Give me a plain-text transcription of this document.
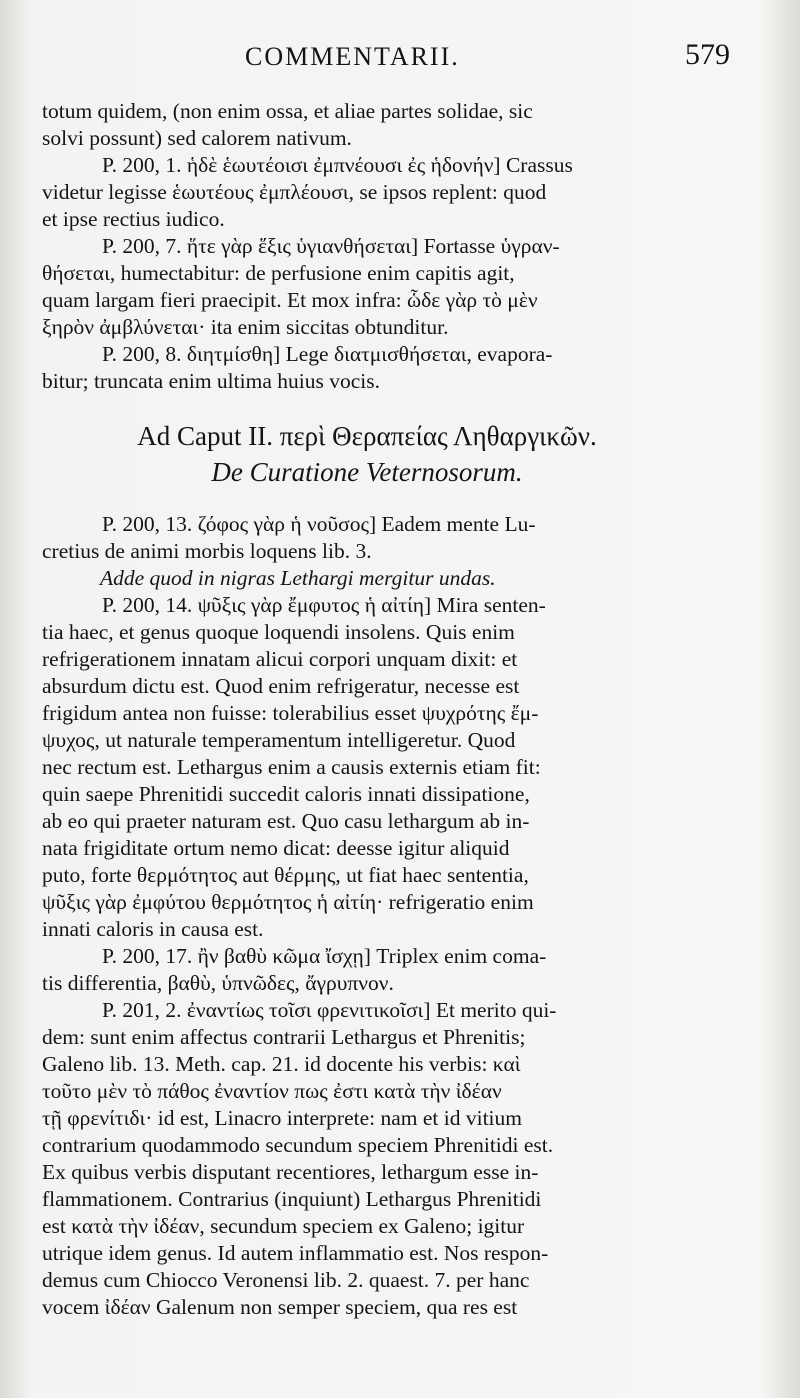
COMMENTARII.	579

totum quidem, (non enim ossa, et aliae partes solidae, sic
solvi possunt) sed calorem nativum.

P. 200, 1. ἡδὲ ἑωυτέοισι ἐμπνέουσι ἐς ἡδονήν] Crassus
videtur legisse ἑωυτέους ἐμπλέουσι, se ipsos replent: quod
et ipse rectius iudico.

P. 200, 7. ἥτε γὰρ ἕξις ὑγιανθήσεται] Fortasse ὑγραν-
θήσεται, humectabitur: de perfusione enim capitis agit,
quam largam fieri praecipit. Et mox infra: ὧδε γὰρ τὸ μὲν
ξηρὸν ἀμβλύνεται· ita enim siccitas obtunditur.

P. 200, 8. διητμίσθη] Lege διατμισθήσεται, evapora-
bitur; truncata enim ultima huius vocis.

Ad Caput II. περὶ Θεραπείας Ληθαργικῶν.
De Curatione Veternosorum.

P. 200, 13. ζόφος γὰρ ἡ νοῦσος] Eadem mente Lu-
cretius de animi morbis loquens lib. 3.
Adde quod in nigras Lethargi mergitur undas.

P. 200, 14. ψῦξις γὰρ ἔμφυτος ἡ αἰτίη] Mira senten-
tia haec, et genus quoque loquendi insolens. Quis enim
refrigerationem innatam alicui corpori unquam dixit: et
absurdum dictu est. Quod enim refrigeratur, necesse est
frigidum antea non fuisse: tolerabilius esset ψυχρότης ἔμ-
ψυχος, ut naturale temperamentum intelligeretur. Quod
nec rectum est. Lethargus enim a causis externis etiam fit:
quin saepe Phrenitidi succedit caloris innati dissipatione,
ab eo qui praeter naturam est. Quo casu lethargum ab in-
nata frigiditate ortum nemo dicat: deesse igitur aliquid
puto, forte θερμότητος aut θέρμης, ut fiat haec sententia,
ψῦξις γὰρ ἐμφύτου θερμότητος ἡ αἰτίη· refrigeratio enim
innati caloris in causa est.

P. 200, 17. ἢν βαθὺ κῶμα ἴσχῃ] Triplex enim coma-
tis differentia, βαθὺ, ὑπνῶδες, ἄγρυπνον.

P. 201, 2. ἐναντίως τοῖσι φρενιτικοῖσι] Et merito qui-
dem: sunt enim affectus contrarii Lethargus et Phrenitis;
Galeno lib. 13. Meth. cap. 21. id docente his verbis: καὶ
τοῦτο μὲν τὸ πάθος ἐναντίον πως ἐστι κατὰ τὴν ἰδέαν
τῇ φρενίτιδι· id est, Linacro interprete: nam et id vitium
contrarium quodammodo secundum speciem Phrenitidi est.
Ex quibus verbis disputant recentiores, lethargum esse in-
flammationem. Contrarius (inquiunt) Lethargus Phrenitidi
est κατὰ τὴν ἰδέαν, secundum speciem ex Galeno; igitur
utrique idem genus. Id autem inflammatio est. Nos respon-
demus cum Chiocco Veronensi lib. 2. quaest. 7. per hanc
vocem ἰδέαν Galenum non semper speciem, qua res est
